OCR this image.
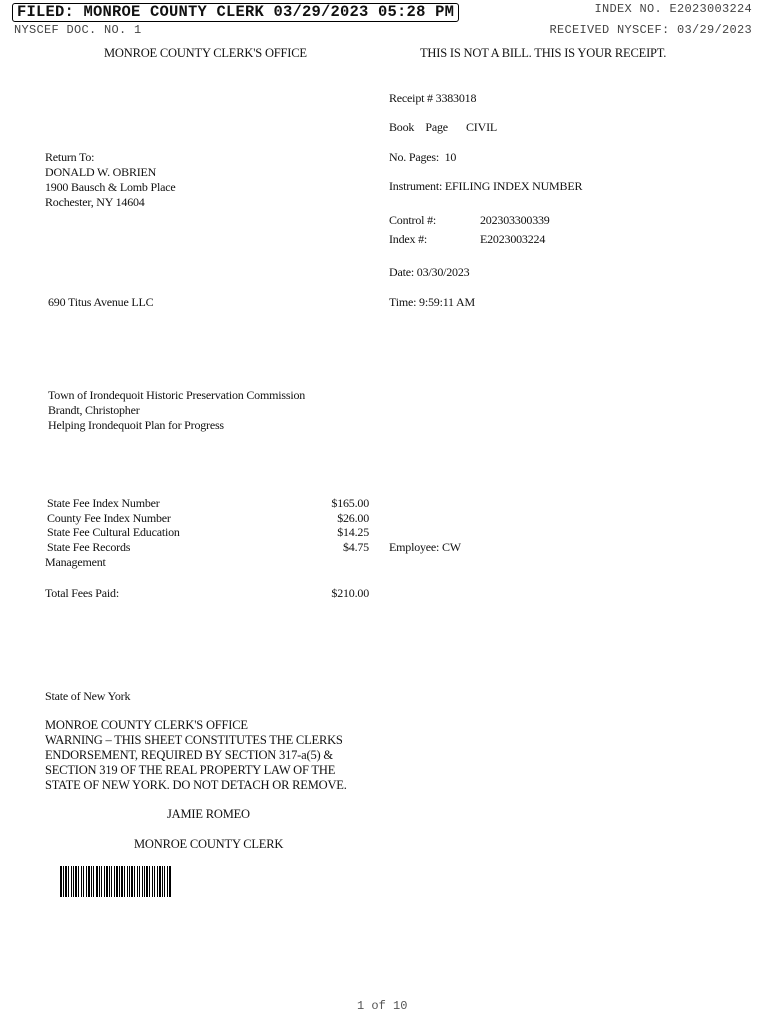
FILED: MONROE COUNTY CLERK 03/29/2023 05:28 PM	INDEX NO. E2023003224
NYSCEF DOC. NO. 1	RECEIVED NYSCEF: 03/29/2023
MONROE COUNTY CLERK'S OFFICE	THIS IS NOT A BILL. THIS IS YOUR RECEIPT.
Receipt # 3383018
Book    Page CIVIL
No. Pages:  10
Instrument: EFILING INDEX NUMBER
Control #:	202303300339
Index #:	E2023003224
Date: 03/30/2023
Time: 9:59:11 AM
Return To:
DONALD W. OBRIEN
1900 Bausch & Lomb Place
Rochester, NY 14604
690 Titus Avenue LLC
Town of Irondequoit Historic Preservation Commission
Brandt, Christopher
Helping Irondequoit Plan for Progress
State Fee Index Number	$165.00
County Fee Index Number	$26.00
State Fee Cultural Education	$14.25
State Fee Records	$4.75
Management
Employee: CW
Total Fees Paid:	$210.00
State of New York
MONROE COUNTY CLERK'S OFFICE
WARNING – THIS SHEET CONSTITUTES THE CLERKS
ENDORSEMENT, REQUIRED BY SECTION 317-a(5) &
SECTION 319 OF THE REAL PROPERTY LAW OF THE
STATE OF NEW YORK. DO NOT DETACH OR REMOVE.
JAMIE ROMEO
MONROE COUNTY CLERK
1 of 10
